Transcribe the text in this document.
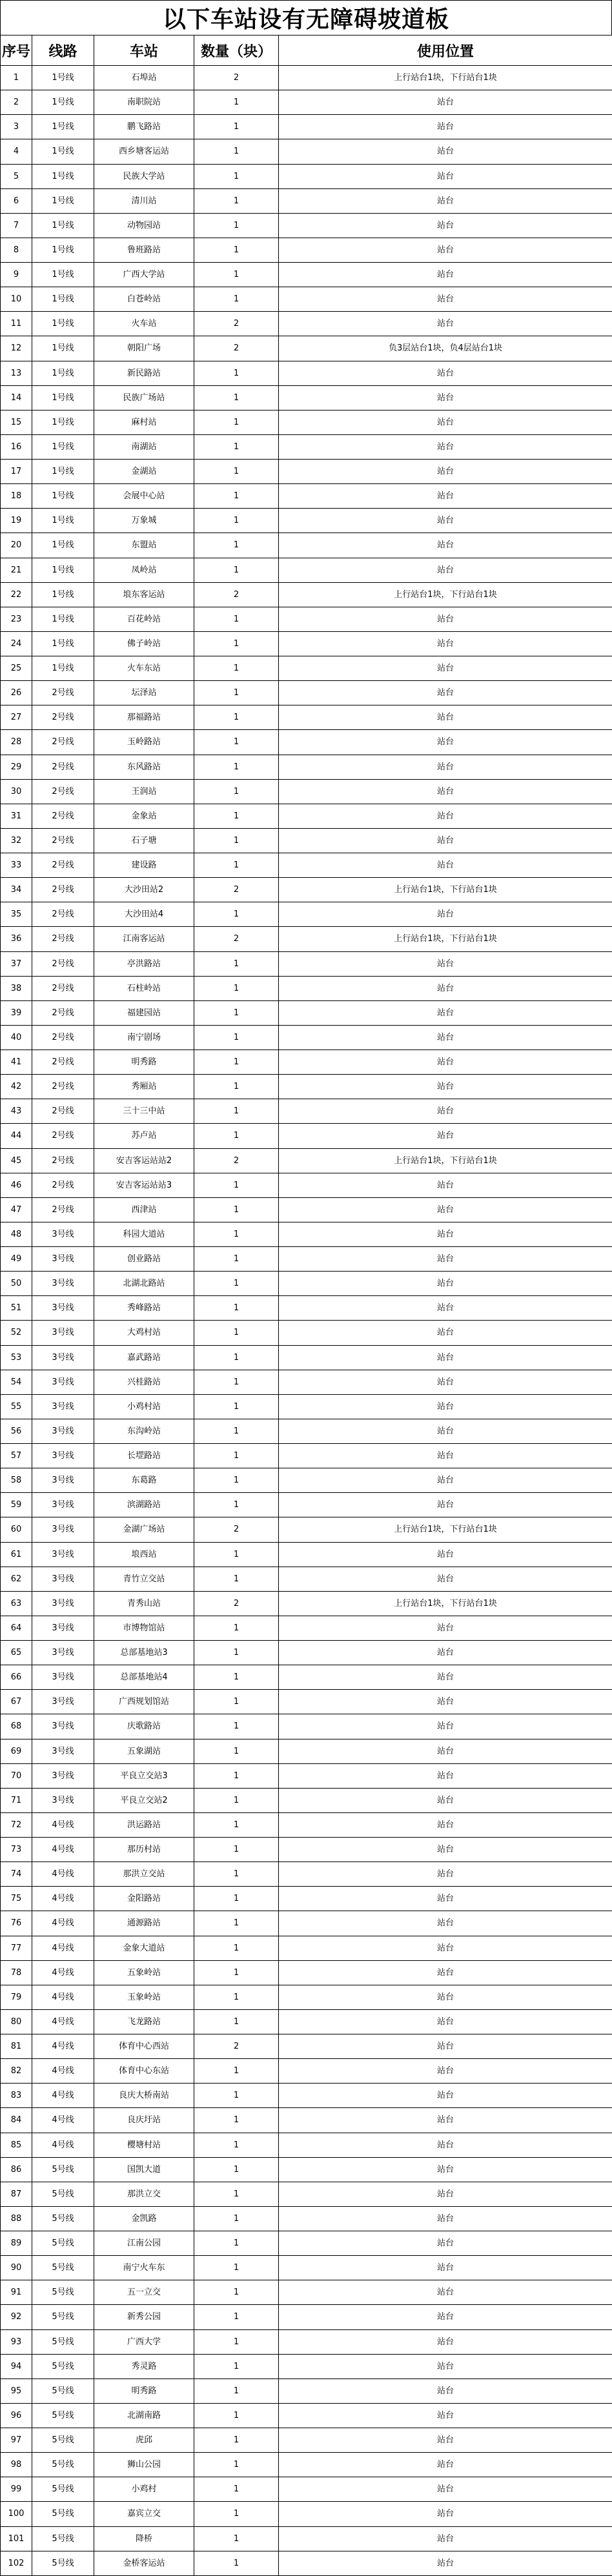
以下车站设有无障碍坡道板
序号	线路	车站	数量（块）	使用位置
1	1号线	石埠站	2	上行站台1块，下行站台1块
2	1号线	南职院站	1	站台
3	1号线	鹏飞路站	1	站台
4	1号线	西乡塘客运站	1	站台
5	1号线	民族大学站	1	站台
6	1号线	清川站	1	站台
7	1号线	动物园站	1	站台
8	1号线	鲁班路站	1	站台
9	1号线	广西大学站	1	站台
10	1号线	白苍岭站	1	站台
11	1号线	火车站	2	站台
12	1号线	朝阳广场	2	负3层站台1块，负4层站台1块
13	1号线	新民路站	1	站台
14	1号线	民族广场站	1	站台
15	1号线	麻村站	1	站台
16	1号线	南湖站	1	站台
17	1号线	金湖站	1	站台
18	1号线	会展中心站	1	站台
19	1号线	万象城	1	站台
20	1号线	东盟站	1	站台
21	1号线	凤岭站	1	站台
22	1号线	埌东客运站	2	上行站台1块，下行站台1块
23	1号线	百花岭站	1	站台
24	1号线	佛子岭站	1	站台
25	1号线	火车东站	1	站台
26	2号线	坛泽站	1	站台
27	2号线	那福路站	1	站台
28	2号线	玉岭路站	1	站台
29	2号线	东风路站	1	站台
30	2号线	王润站	1	站台
31	2号线	金象站	1	站台
32	2号线	石子塘	1	站台
33	2号线	建设路	1	站台
34	2号线	大沙田站2	2	上行站台1块，下行站台1块
35	2号线	大沙田站4	1	站台
36	2号线	江南客运站	2	上行站台1块，下行站台1块
37	2号线	亭洪路站	1	站台
38	2号线	石柱岭站	1	站台
39	2号线	福建园站	1	站台
40	2号线	南宁剧场	1	站台
41	2号线	明秀路	1	站台
42	2号线	秀厢站	1	站台
43	2号线	三十三中站	1	站台
44	2号线	苏卢站	1	站台
45	2号线	安吉客运站站2	2	上行站台1块，下行站台1块
46	2号线	安吉客运站站3	1	站台
47	2号线	西津站	1	站台
48	3号线	科园大道站	1	站台
49	3号线	创业路站	1	站台
50	3号线	北湖北路站	1	站台
51	3号线	秀峰路站	1	站台
52	3号线	大鸡村站	1	站台
53	3号线	嘉武路站	1	站台
54	3号线	兴桂路站	1	站台
55	3号线	小鸡村站	1	站台
56	3号线	东沟岭站	1	站台
57	3号线	长堽路站	1	站台
58	3号线	东葛路	1	站台
59	3号线	滨湖路站	1	站台
60	3号线	金湖广场站	2	上行站台1块，下行站台1块
61	3号线	埌西站	1	站台
62	3号线	青竹立交站	1	站台
63	3号线	青秀山站	2	上行站台1块，下行站台1块
64	3号线	市博物馆站	1	站台
65	3号线	总部基地站3	1	站台
66	3号线	总部基地站4	1	站台
67	3号线	广西规划馆站	1	站台
68	3号线	庆歌路站	1	站台
69	3号线	五象湖站	1	站台
70	3号线	平良立交站3	1	站台
71	3号线	平良立交站2	1	站台
72	4号线	洪运路站	1	站台
73	4号线	那历村站	1	站台
74	4号线	那洪立交站	1	站台
75	4号线	金阳路站	1	站台
76	4号线	通源路站	1	站台
77	4号线	金象大道站	1	站台
78	4号线	五象岭站	1	站台
79	4号线	玉象岭站	1	站台
80	4号线	飞龙路站	1	站台
81	4号线	体育中心西站	2	站台
82	4号线	体育中心东站	1	站台
83	4号线	良庆大桥南站	1	站台
84	4号线	良庆圩站	1	站台
85	4号线	樱塘村站	1	站台
86	5号线	国凯大道	1	站台
87	5号线	那洪立交	1	站台
88	5号线	金凯路	1	站台
89	5号线	江南公园	1	站台
90	5号线	南宁火车东	1	站台
91	5号线	五一立交	1	站台
92	5号线	新秀公园	1	站台
93	5号线	广西大学	1	站台
94	5号线	秀灵路	1	站台
95	5号线	明秀路	1	站台
96	5号线	北湖南路	1	站台
97	5号线	虎邱	1	站台
98	5号线	狮山公园	1	站台
99	5号线	小鸡村	1	站台
100	5号线	嘉宾立交	1	站台
101	5号线	降桥	1	站台
102	5号线	金桥客运站	1	站台
